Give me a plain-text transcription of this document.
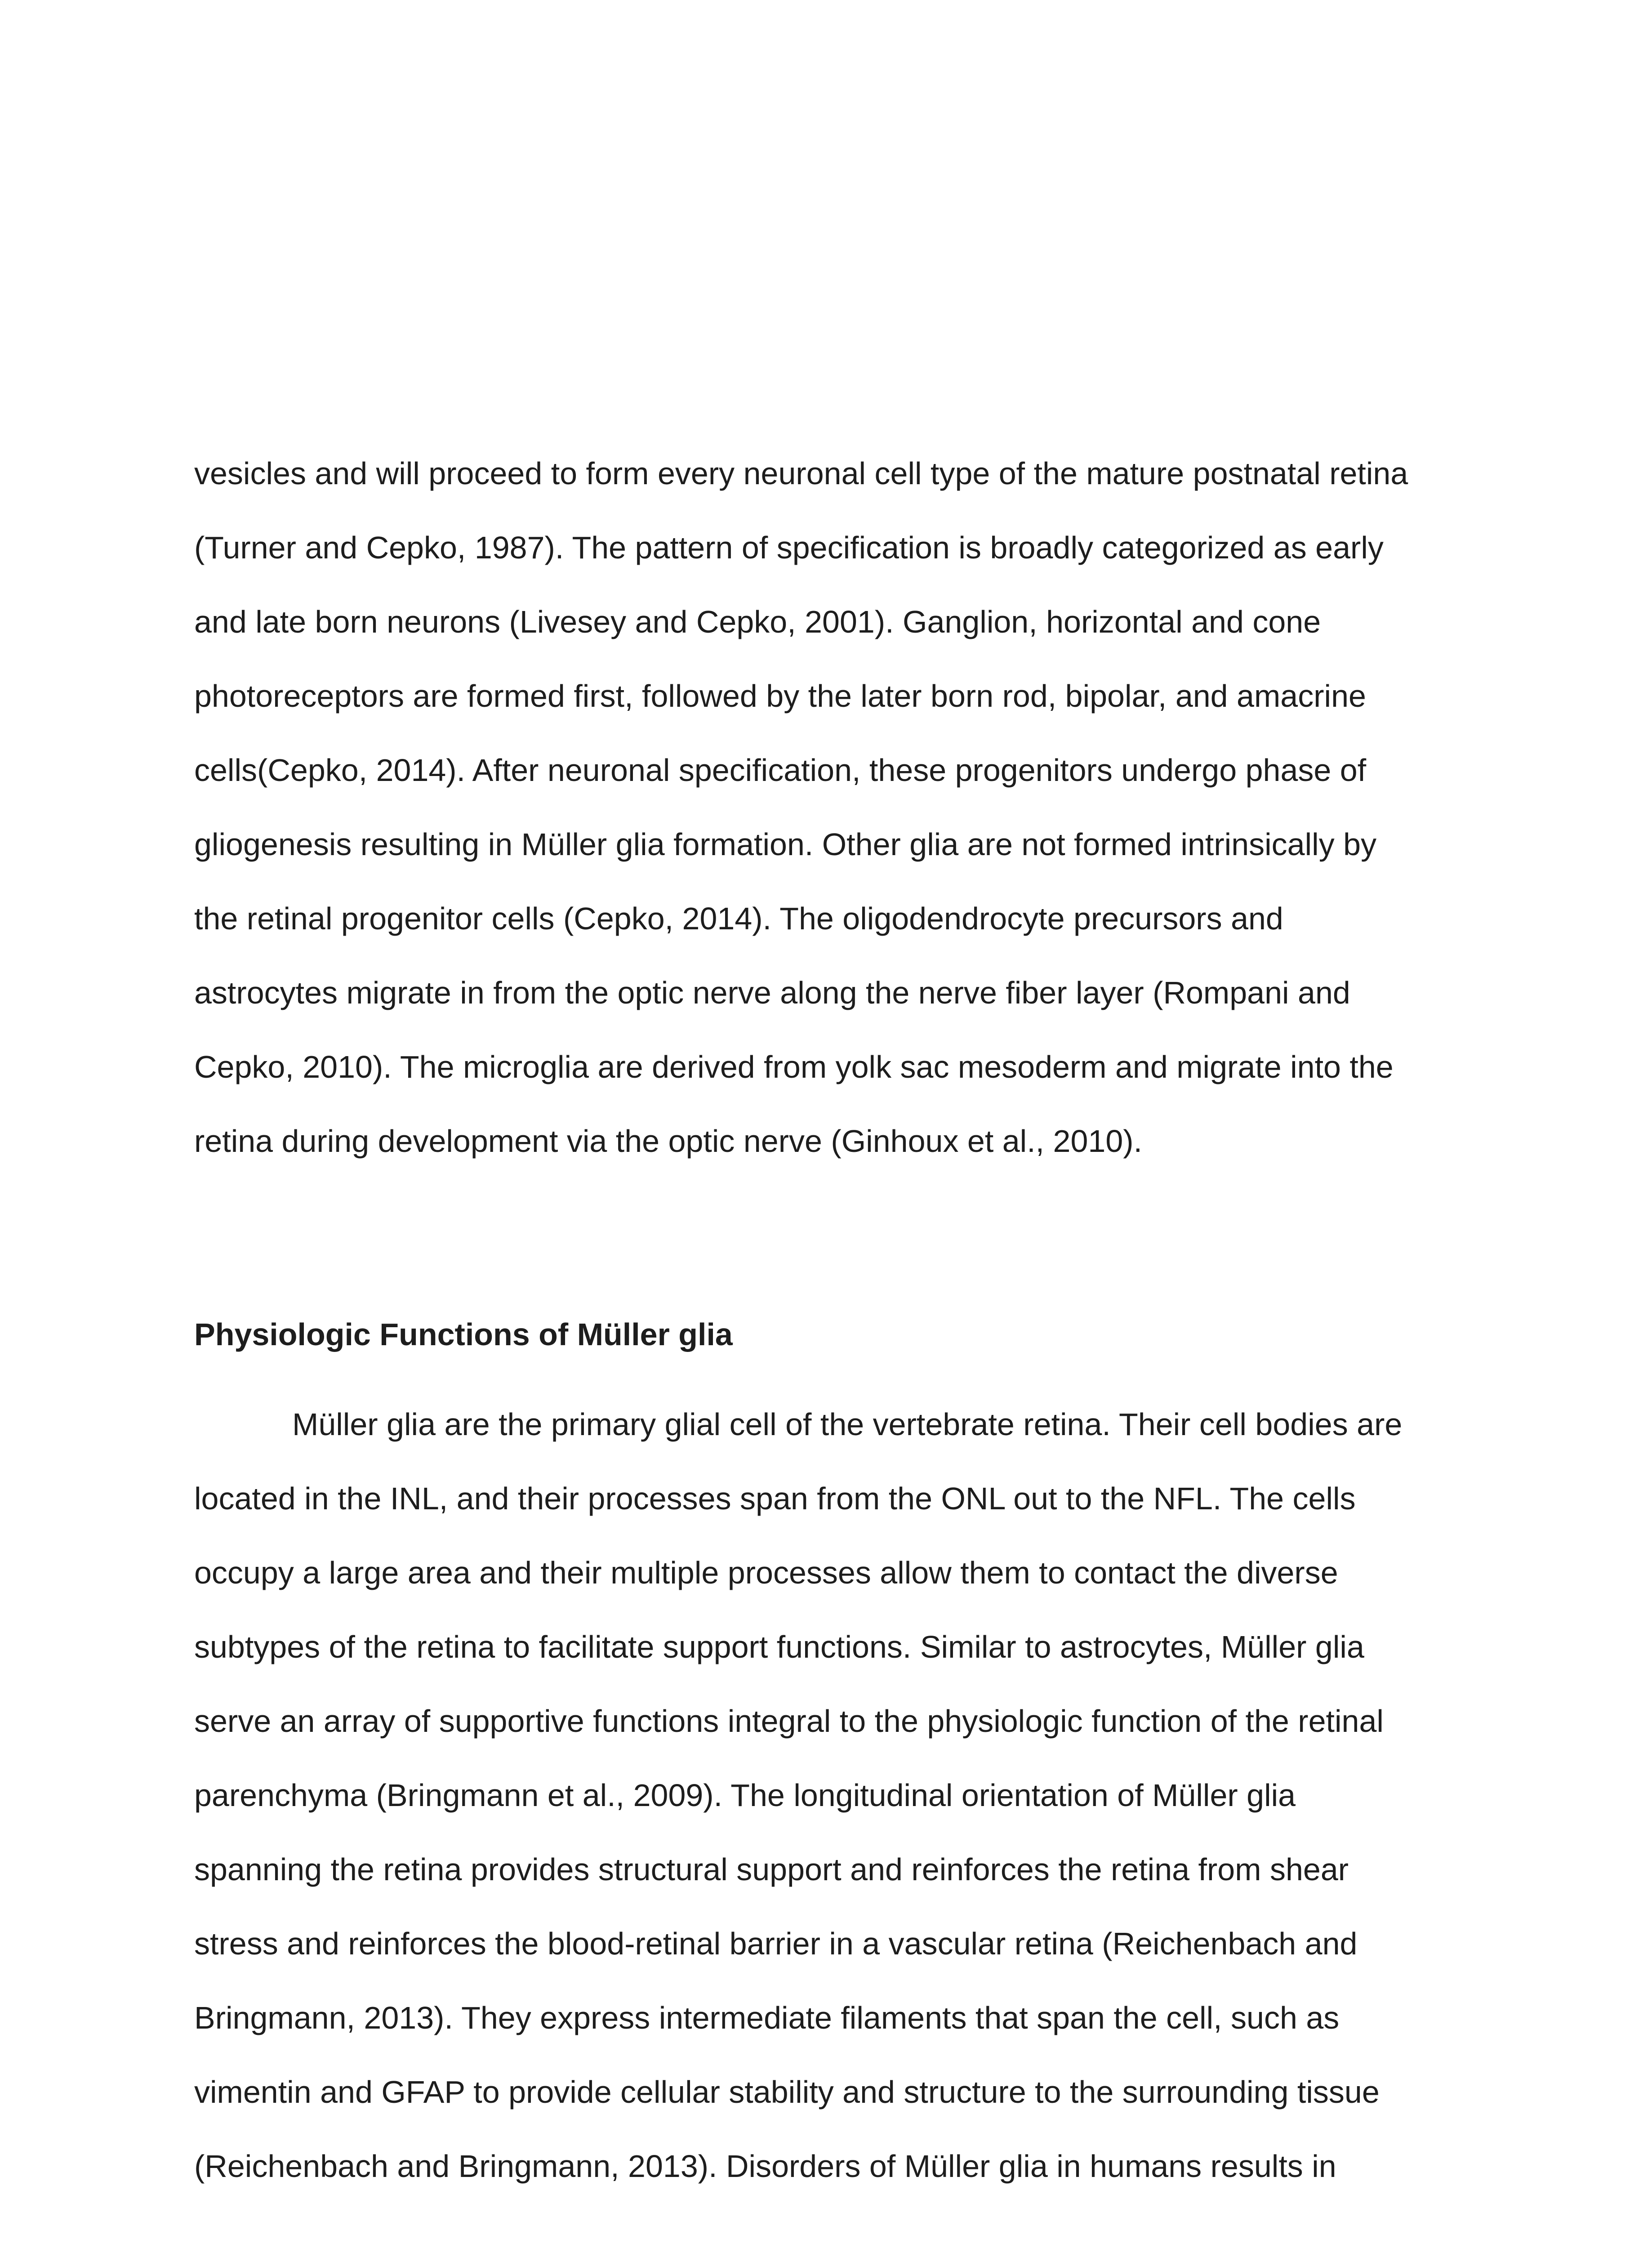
vesicles and will proceed to form every neuronal cell type of the mature postnatal retina
(Turner and Cepko, 1987). The pattern of specification is broadly categorized as early
and late born neurons (Livesey and Cepko, 2001). Ganglion, horizontal and cone
photoreceptors are formed first, followed by the later born rod, bipolar, and amacrine
cells(Cepko, 2014). After neuronal specification, these progenitors undergo phase of
gliogenesis resulting in Müller glia formation. Other glia are not formed intrinsically by
the retinal progenitor cells (Cepko, 2014). The oligodendrocyte precursors and
astrocytes migrate in from the optic nerve along the nerve fiber layer (Rompani and
Cepko, 2010). The microglia are derived from yolk sac mesoderm and migrate into the
retina during development via the optic nerve (Ginhoux et al., 2010).
Physiologic Functions of Müller glia
Müller glia are the primary glial cell of the vertebrate retina. Their cell bodies are
located in the INL, and their processes span from the ONL out to the NFL. The cells
occupy a large area and their multiple processes allow them to contact the diverse
subtypes of the retina to facilitate support functions. Similar to astrocytes, Müller glia
serve an array of supportive functions integral to the physiologic function of the retinal
parenchyma (Bringmann et al., 2009). The longitudinal orientation of Müller glia
spanning the retina provides structural support and reinforces the retina from shear
stress and reinforces the blood-retinal barrier in a vascular retina (Reichenbach and
Bringmann, 2013). They express intermediate filaments that span the cell, such as
vimentin and GFAP to provide cellular stability and structure to the surrounding tissue
(Reichenbach and Bringmann, 2013). Disorders of Müller glia in humans results in
